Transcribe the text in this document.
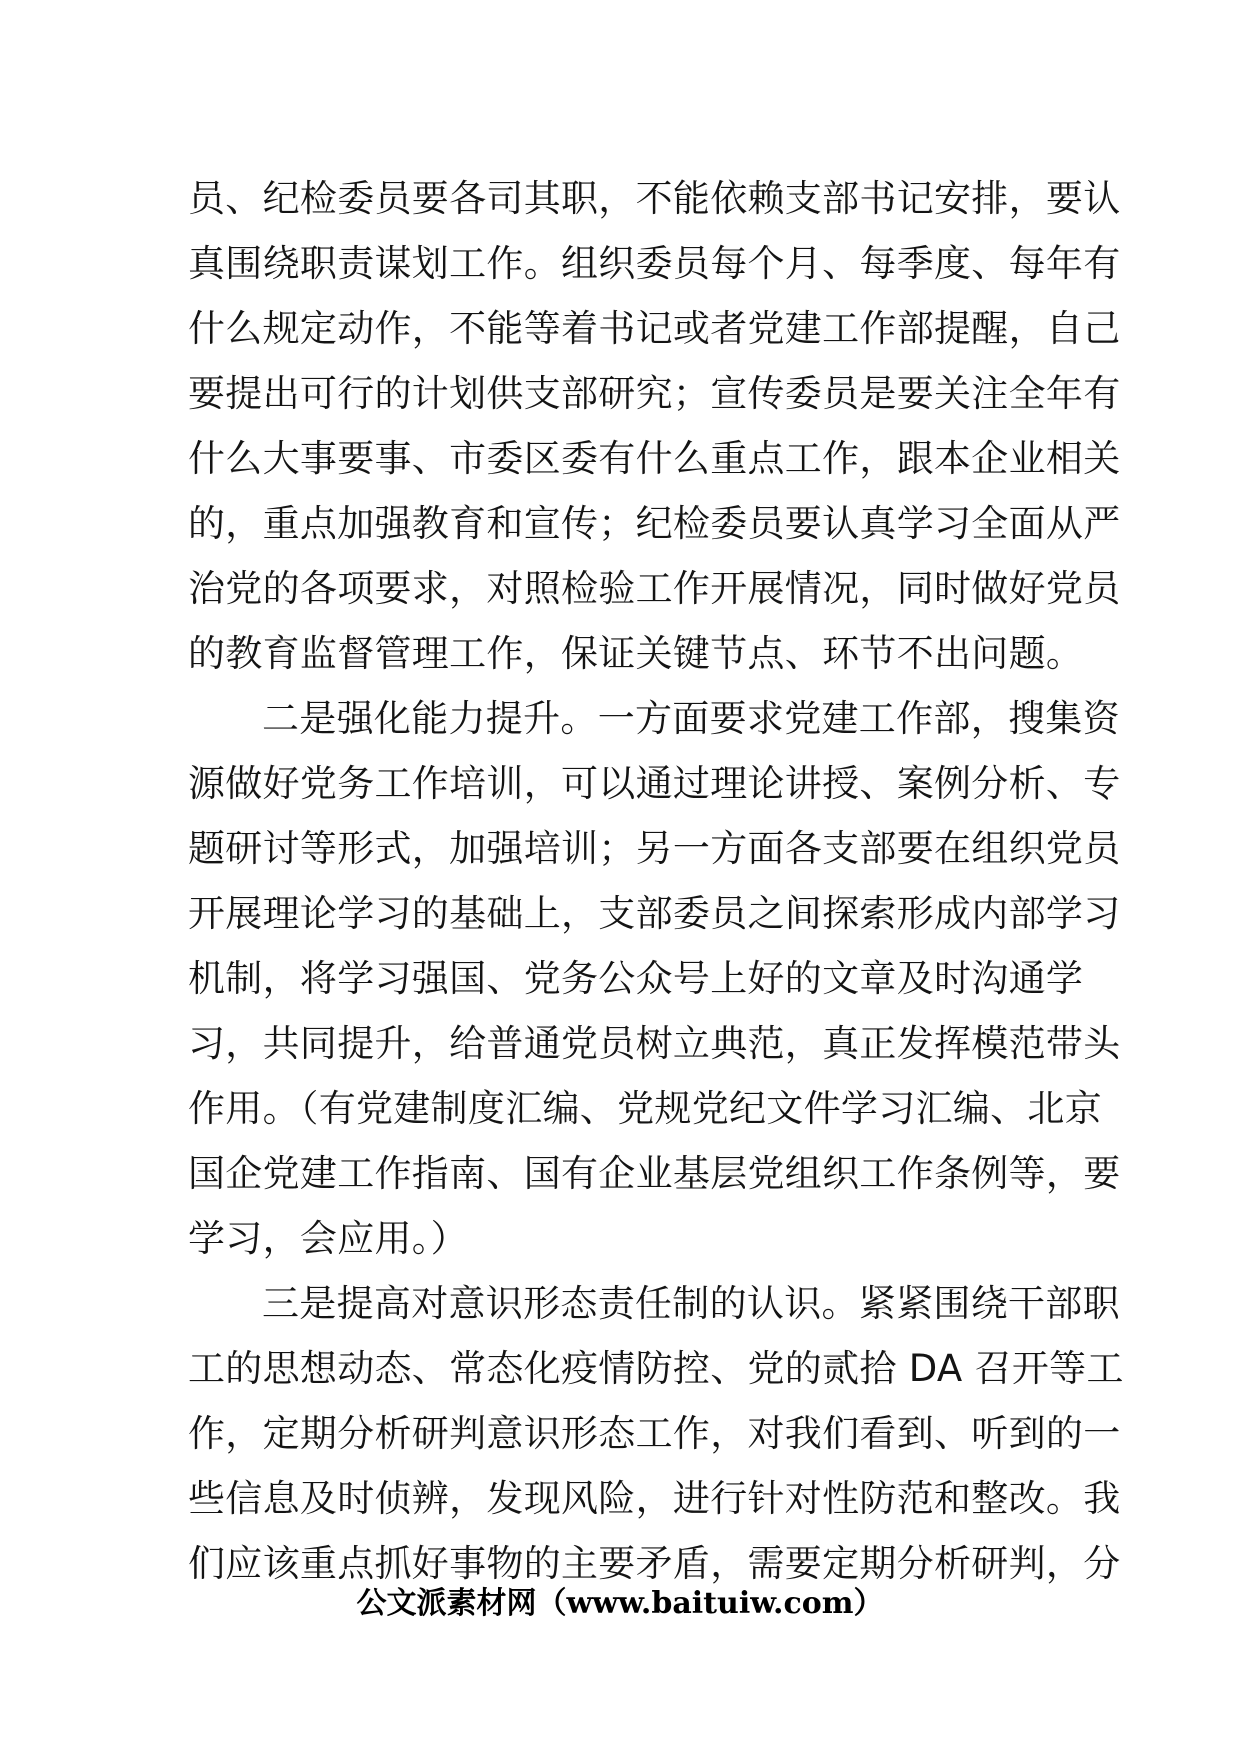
员、纪检委员要各司其职，不能依赖支部书记安排，要认
真围绕职责谋划工作。组织委员每个月、每季度、每年有
什么规定动作，不能等着书记或者党建工作部提醒，自己
要提出可行的计划供支部研究；宣传委员是要关注全年有
什么大事要事、市委区委有什么重点工作，跟本企业相关
的，重点加强教育和宣传；纪检委员要认真学习全面从严
治党的各项要求，对照检验工作开展情况，同时做好党员
的教育监督管理工作，保证关键节点、环节不出问题。
二是强化能力提升。一方面要求党建工作部，搜集资
源做好党务工作培训，可以通过理论讲授、案例分析、专
题研讨等形式，加强培训；另一方面各支部要在组织党员
开展理论学习的基础上，支部委员之间探索形成内部学习
机制，将学习强国、党务公众号上好的文章及时沟通学
习，共同提升，给普通党员树立典范，真正发挥模范带头
作用。（有党建制度汇编、党规党纪文件学习汇编、北京
国企党建工作指南、国有企业基层党组织工作条例等，要
学习，会应用。）
三是提高对意识形态责任制的认识。紧紧围绕干部职
工的思想动态、常态化疫情防控、党的贰拾 DA 召开等工
作，定期分析研判意识形态工作，对我们看到、听到的一
些信息及时侦辨，发现风险，进行针对性防范和整改。我
们应该重点抓好事物的主要矛盾，需要定期分析研判，分
公文派素材网（www.baituiw.com）
